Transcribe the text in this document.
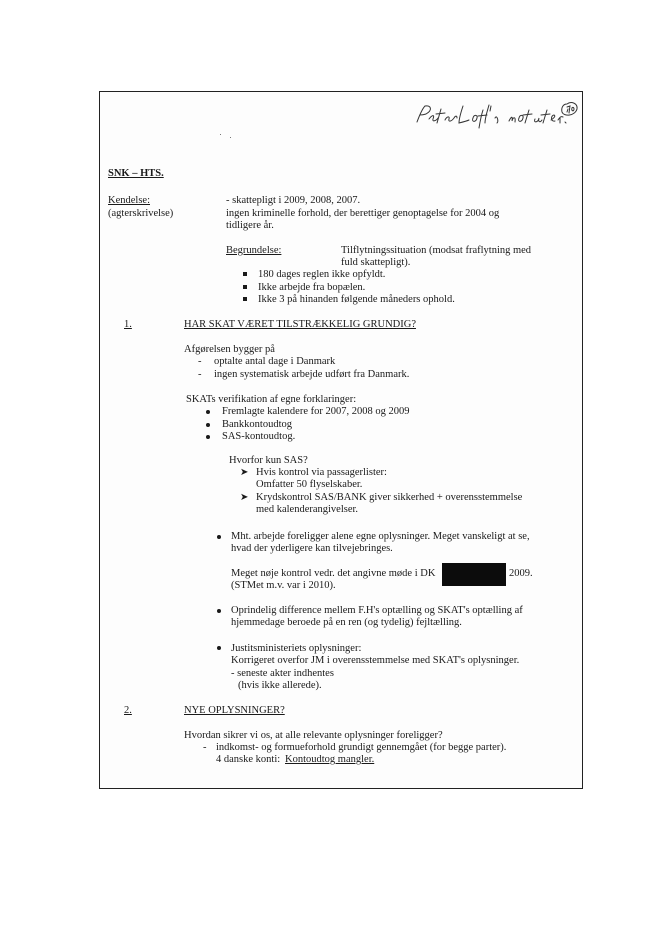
SNK – HTS.
Kendelse:
(agterskrivelse)
- skattepligt i 2009, 2008, 2007.
ingen kriminelle forhold, der berettiger genoptagelse for 2004 og
tidligere år.
Begrundelse:	Tilflytningssituation (modsat fraflytning med
fuld skattepligt).
180 dages reglen ikke opfyldt.
Ikke arbejde fra bopælen.
Ikke 3 på hinanden følgende måneders ophold.
1.	HAR SKAT VÆRET TILSTRÆKKELIG GRUNDIG?
Afgørelsen bygger på
- optalte antal dage i Danmark
- ingen systematisk arbejde udført fra Danmark.
SKATs verifikation af egne forklaringer:
Fremlagte kalendere for 2007, 2008 og 2009
Bankkontoudtog
SAS-kontoudtog.
Hvorfor kun SAS?
➤ Hvis kontrol via passagerlister:
Omfatter 50 flyselskaber.
➤ Krydskontrol SAS/BANK giver sikkerhed + overensstemmelse
med kalenderangivelser.
Mht. arbejde foreligger alene egne oplysninger. Meget vanskeligt at se,
hvad der yderligere kan tilvejebringes.
Meget nøje kontrol vedr. det angivne møde i DK	2009.
(STMet m.v. var i 2010).
Oprindelig difference mellem F.H's optælling og SKAT's optælling af
hjemmedage beroede på en ren (og tydelig) fejltælling.
Justitsministeriets oplysninger:
Korrigeret overfor JM i overensstemmelse med SKAT's oplysninger.
- seneste akter indhentes
(hvis ikke allerede).
2.	NYE OPLYSNINGER?
Hvordan sikrer vi os, at alle relevante oplysninger foreligger?
- indkomst- og formueforhold grundigt gennemgået (for begge parter).
4 danske konti: Kontoudtog mangler.
